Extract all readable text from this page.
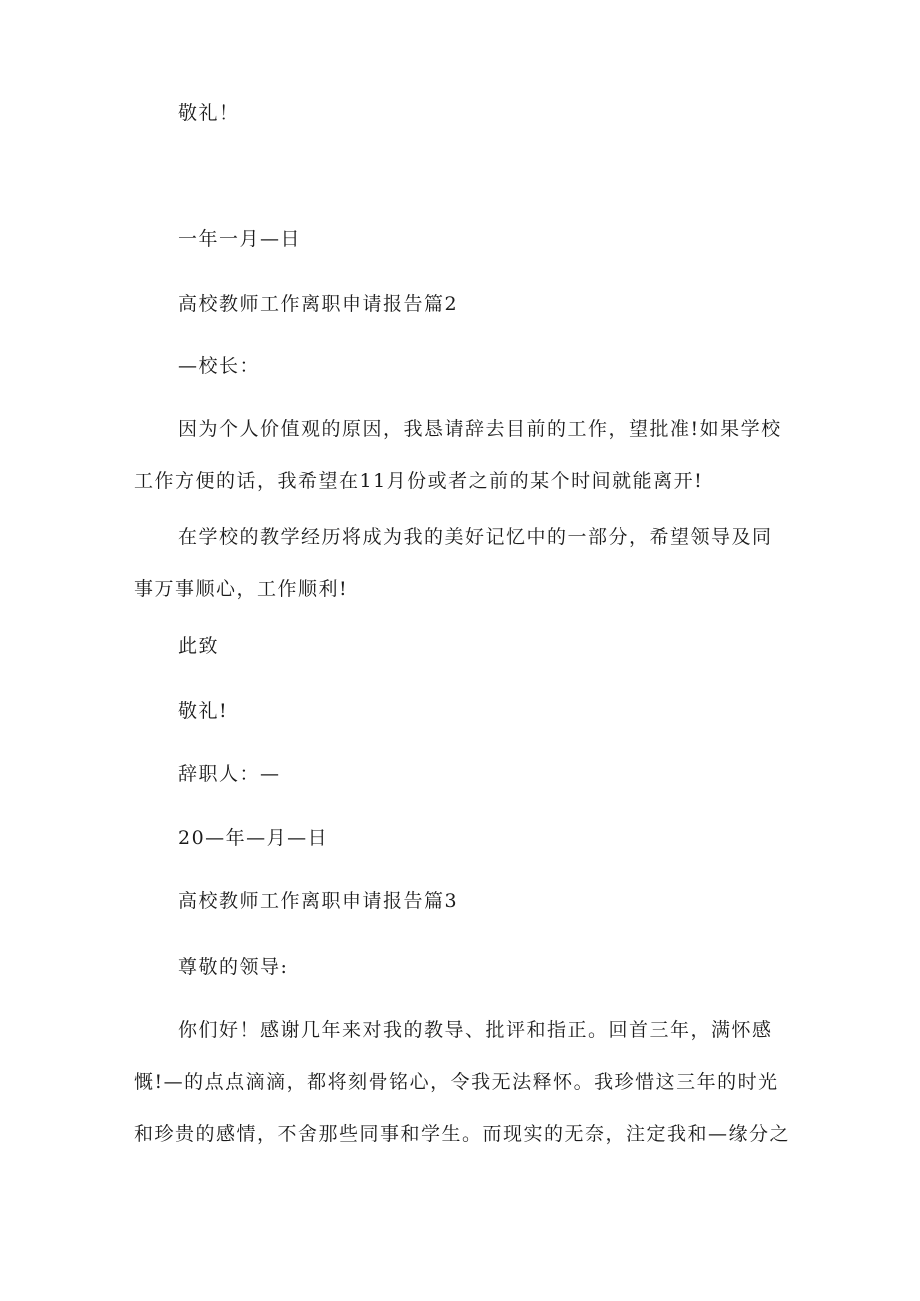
敬礼！
一年一月—日
高校教师工作离职申请报告篇2
—校长：
因为个人价值观的原因，我恳请辞去目前的工作，望批准!如果学校工作方便的话，我希望在11月份或者之前的某个时间就能离开!
在学校的教学经历将成为我的美好记忆中的一部分，希望领导及同事万事顺心，工作顺利!
此致
敬礼!
辞职人：—
20—年—月—日
高校教师工作离职申请报告篇3
尊敬的领导:
你们好！感谢几年来对我的教导、批评和指正。回首三年，满怀感慨!—的点点滴滴，都将刻骨铭心，令我无法释怀。我珍惜这三年的时光和珍贵的感情，不舍那些同事和学生。而现实的无奈，注定我和—缘分之
